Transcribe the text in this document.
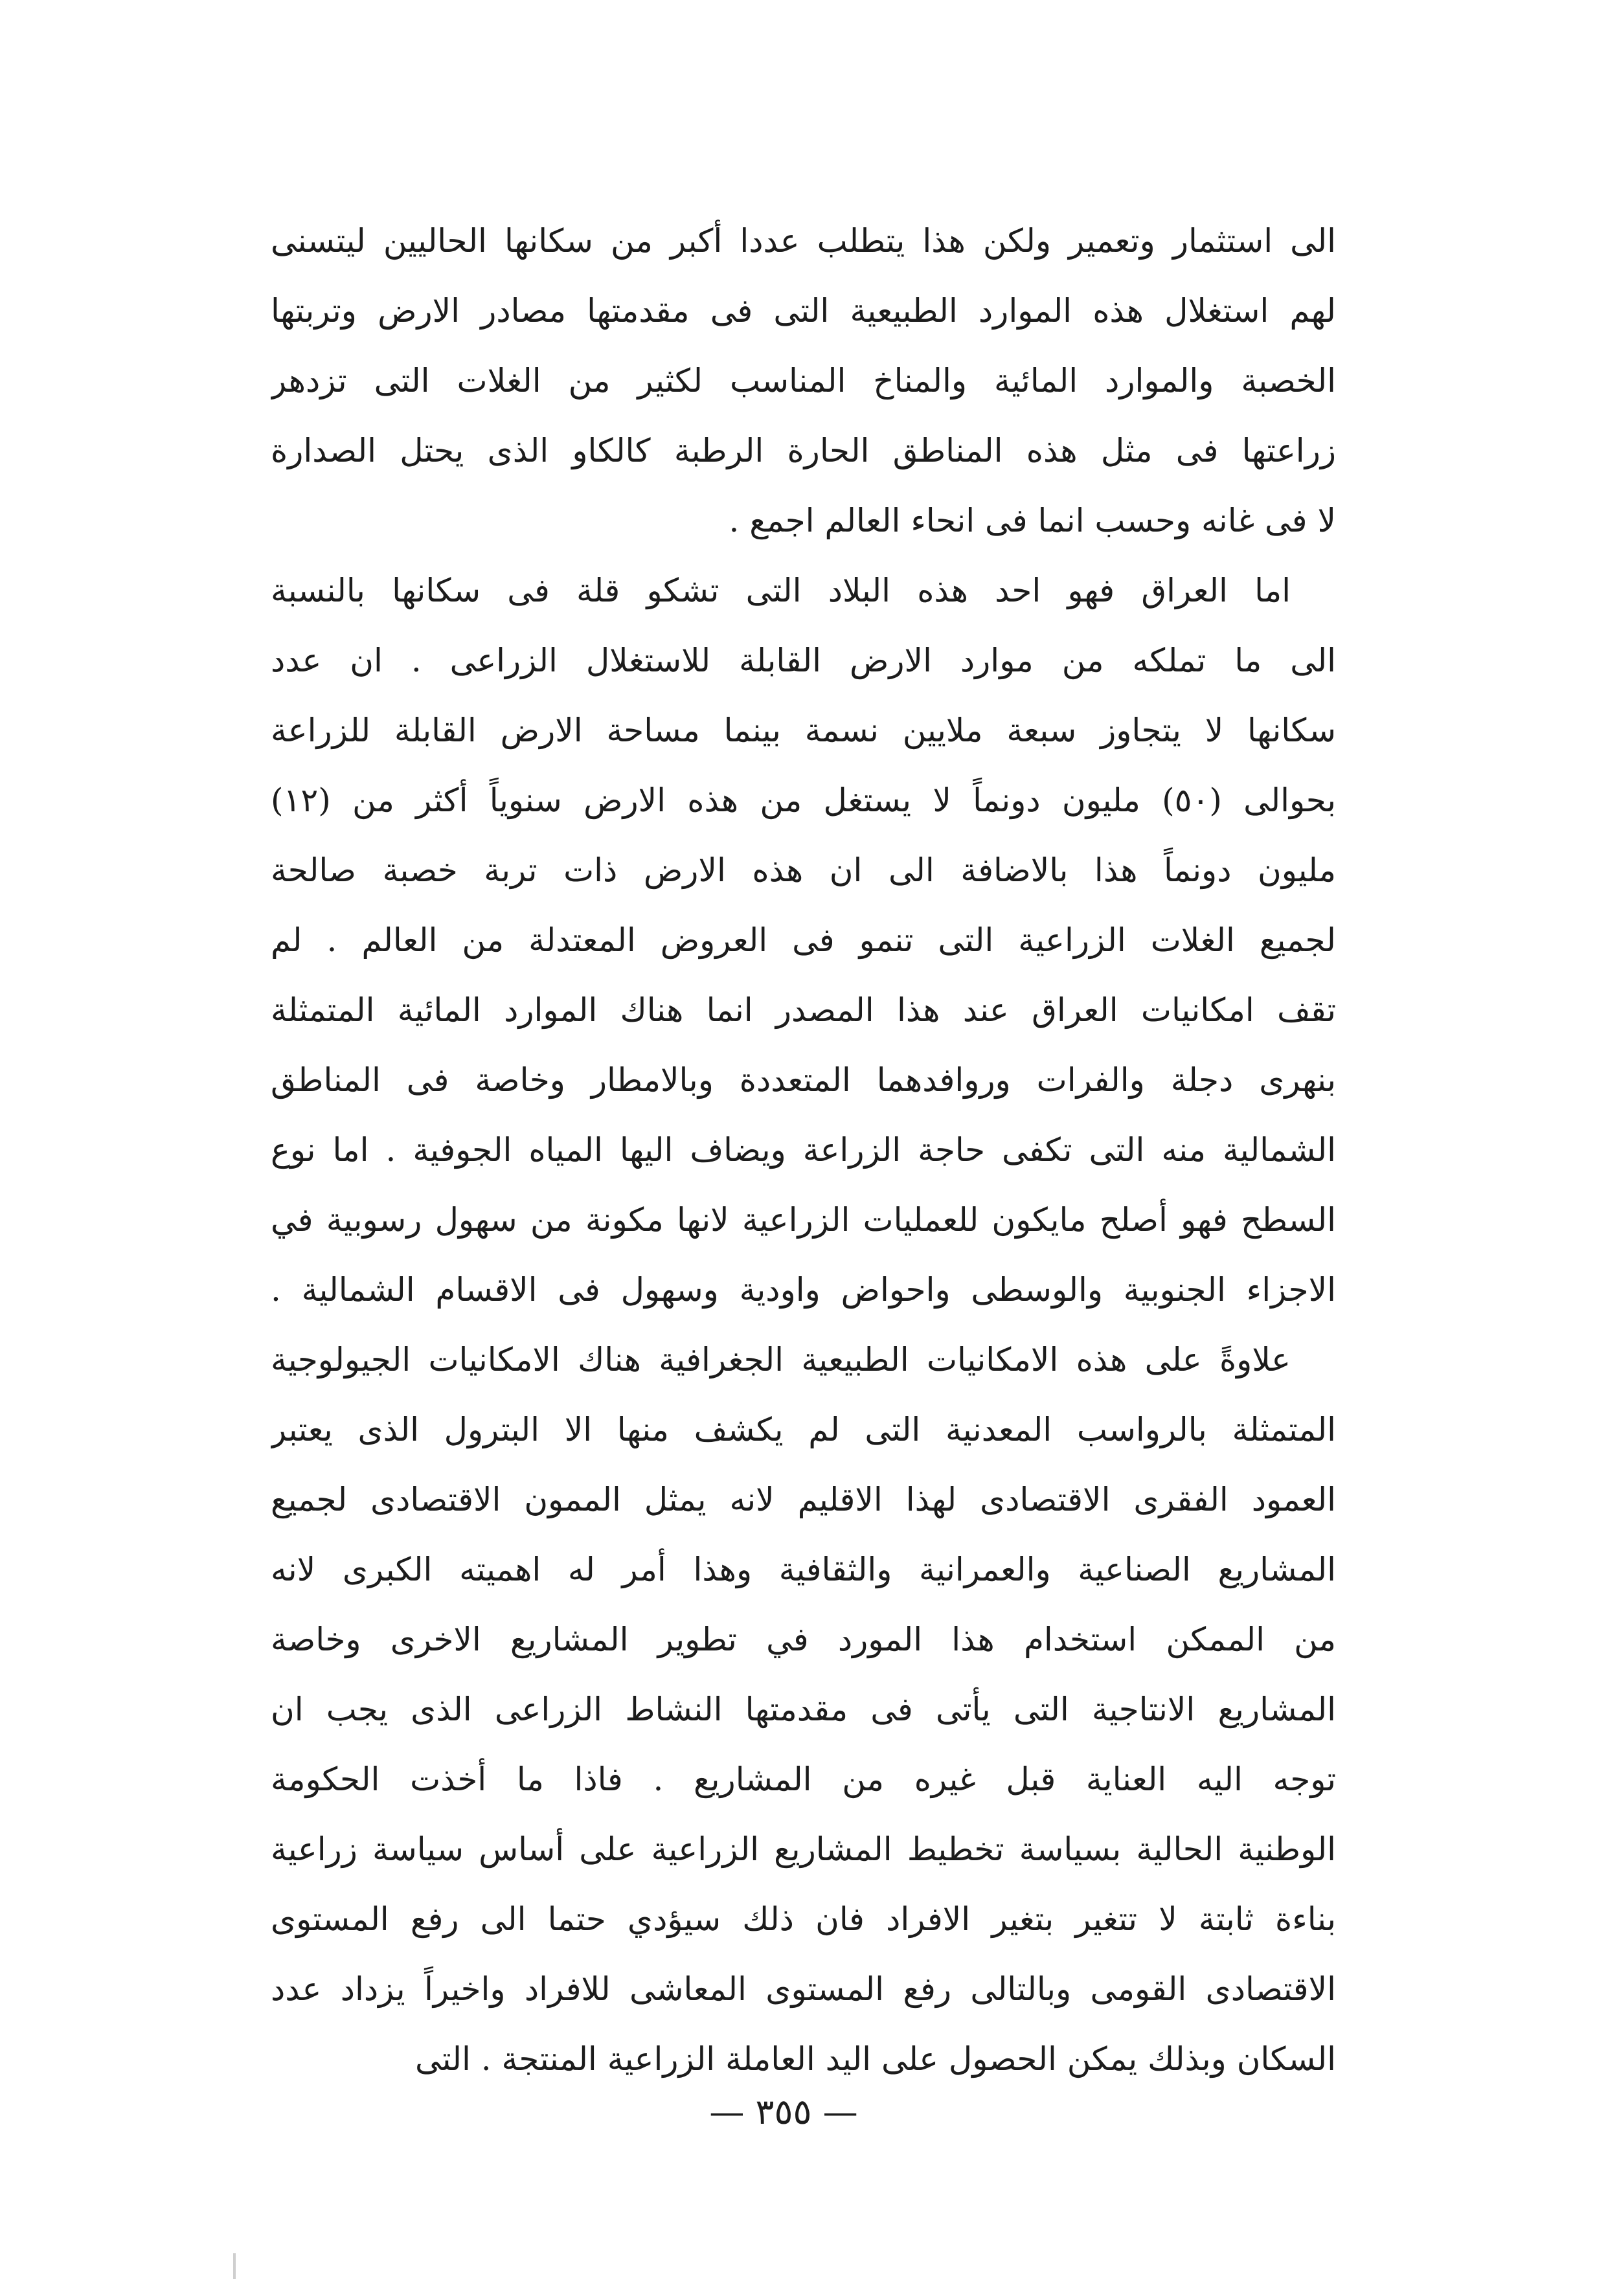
الى استثمار وتعمير ولكن هذا يتطلب عددا أكبر من سكانها الحاليين ليتسنى
لهم استغلال هذه الموارد الطبيعية التى فى مقدمتها مصادر الارض وتربتها
الخصبة والموارد المائية والمناخ المناسب لكثير من الغلات التى تزدهر
زراعتها فى مثل هذه المناطق الحارة الرطبة كالكاو الذى يحتل الصدارة
لا فى غانه وحسب انما فى انحاء العالم اجمع .
اما العراق فهو احد هذه البلاد التى تشكو قلة فى سكانها بالنسبة
الى ما تملكه من موارد الارض القابلة للاستغلال الزراعى . ان عدد
سكانها لا يتجاوز سبعة ملايين نسمة بينما مساحة الارض القابلة للزراعة
بحوالى (٥٠) مليون دونماً لا يستغل من هذه الارض سنوياً أكثر من (١٢)
مليون دونماً هذا بالاضافة الى ان هذه الارض ذات تربة خصبة صالحة
لجميع الغلات الزراعية التى تنمو فى العروض المعتدلة من العالم . لم
تقف امكانيات العراق عند هذا المصدر انما هناك الموارد المائية المتمثلة
بنهرى دجلة والفرات وروافدهما المتعددة وبالامطار وخاصة فى المناطق
الشمالية منه التى تكفى حاجة الزراعة ويضاف اليها المياه الجوفية . اما نوع
السطح فهو أصلح مايكون للعمليات الزراعية لانها مكونة من سهول رسوبية في
الاجزاء الجنوبية والوسطى واحواض واودية وسهول فى الاقسام الشمالية .
علاوةً على هذه الامكانيات الطبيعية الجغرافية هناك الامكانيات الجيولوجية
المتمثلة بالرواسب المعدنية التى لم يكشف منها الا البترول الذى يعتبر
العمود الفقرى الاقتصادى لهذا الاقليم لانه يمثل الممون الاقتصادى لجميع
المشاريع الصناعية والعمرانية والثقافية وهذا أمر له اهميته الكبرى لانه
من الممكن استخدام هذا المورد في تطوير المشاريع الاخرى وخاصة
المشاريع الانتاجية التى يأتى فى مقدمتها النشاط الزراعى الذى يجب ان
توجه اليه العناية قبل غيره من المشاريع . فاذا ما أخذت الحكومة
الوطنية الحالية بسياسة تخطيط المشاريع الزراعية على أساس سياسة زراعية
بناءة ثابتة لا تتغير بتغير الافراد فان ذلك سيؤدي حتما الى رفع المستوى
الاقتصادى القومى وبالتالى رفع المستوى المعاشى للافراد واخيراً يزداد عدد
السكان وبذلك يمكن الحصول على اليد العاملة الزراعية المنتجة . التى
— ٣٥٥ —
